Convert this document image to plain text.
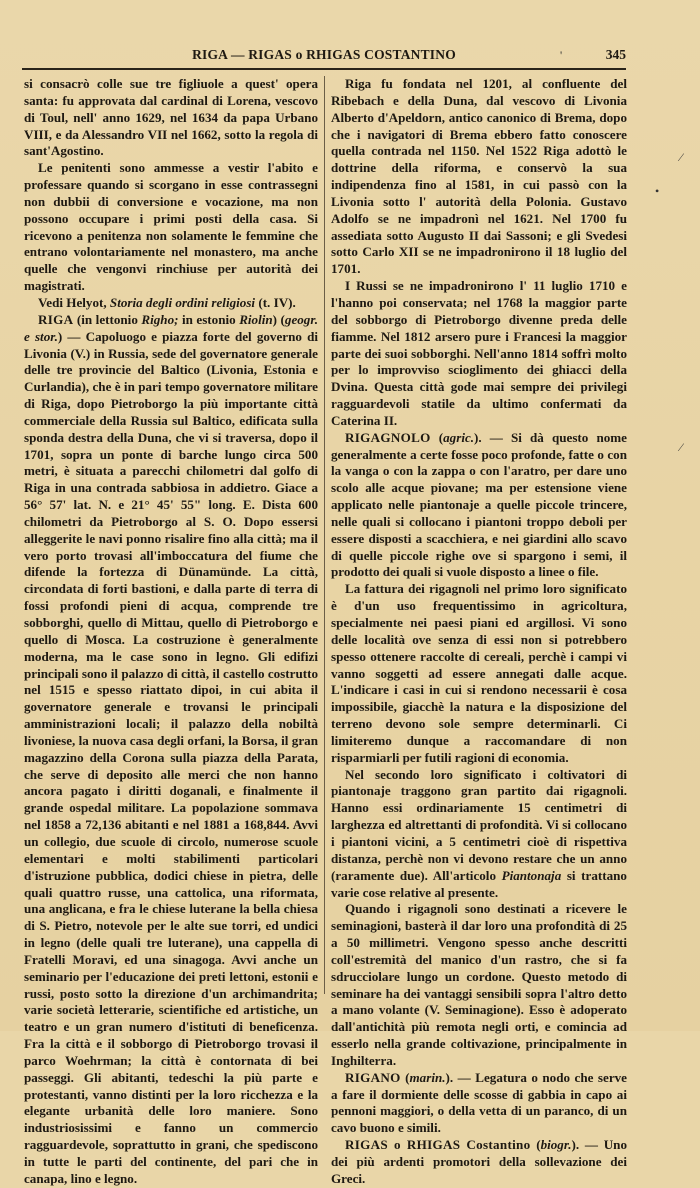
RIGA — RIGAS o RHIGAS COSTANTINO	345

si consacrò colle sue tre figliuole a quest' opera santa: fu approvata dal cardinal di Lorena, vescovo di Toul, nell' anno 1629, nel 1634 da papa Urbano VIII, e da Alessandro VII nel 1662, sotto la regola di sant'Agostino.

Le penitenti sono ammesse a vestir l'abito e professare quando si scorgano in esse contrassegni non dubbii di conversione e vocazione, ma non possono occupare i primi posti della casa. Si ricevono a penitenza non solamente le femmine che entrano volontariamente nel monastero, ma anche quelle che vengonvi rinchiuse per autorità dei magistrati.

Vedi Helyot, Storia degli ordini religiosi (t. IV).

RIGA (in lettonio Righo; in estonio Riolin) (geogr. e stor.) — Capoluogo e piazza forte del governo di Livonia (V.) in Russia, sede del governatore generale delle tre provincie del Baltico (Livonia, Estonia e Curlandia), che è in pari tempo governatore militare di Riga, dopo Pietroborgo la più importante città commerciale della Russia sul Baltico, edificata sulla sponda destra della Duna, che vi si traversa, dopo il 1701, sopra un ponte di barche lungo circa 500 metri, è situata a parecchi chilometri dal golfo di Riga in una contrada sabbiosa in addietro. Giace a 56° 57' lat. N. e 21° 45' 55" long. E. Dista 600 chilometri da Pietroborgo al S. O. Dopo essersi alleggerite le navi ponno risalire fino alla città; ma il vero porto trovasi all'imboccatura del fiume che difende la fortezza di Dünamünde. La città, circondata di forti bastioni, e dalla parte di terra di fossi profondi pieni di acqua, comprende tre sobborghi, quello di Mittau, quello di Pietroborgo e quello di Mosca. La costruzione è generalmente moderna, ma le case sono in legno. Gli edifizi principali sono il palazzo di città, il castello costrutto nel 1515 e spesso riattato dipoi, in cui abita il governatore generale e trovansi le principali amministrazioni locali; il palazzo della nobiltà livoniese, la nuova casa degli orfani, la Borsa, il gran magazzino della Corona sulla piazza della Parata, che serve di deposito alle merci che non hanno ancora pagato i diritti doganali, e finalmente il grande ospedal militare. La popolazione sommava nel 1858 a 72,136 abitanti e nel 1881 a 168,844. Avvi un collegio, due scuole di circolo, numerose scuole elementari e molti stabilimenti particolari d'istruzione pubblica, dodici chiese in pietra, delle quali quattro russe, una cattolica, una riformata, una anglicana, e fra le chiese luterane la bella chiesa di S. Pietro, notevole per le alte sue torri, ed undici in legno (delle quali tre luterane), una cappella di Fratelli Moravi, ed una sinagoga. Avvi anche un seminario per l'educazione dei preti lettoni, estonii e russi, posto sotto la direzione d'un archimandrita; varie società letterarie, scientifiche ed artistiche, un teatro e un gran numero d'istituti di beneficenza. Fra la città e il sobborgo di Pietroborgo trovasi il parco Woehrman; la città è contornata di bei passeggi. Gli abitanti, tedeschi la più parte e protestanti, vanno distinti per la loro ricchezza e la elegante urbanità delle loro maniere. Sono industriosissimi e fanno un commercio ragguardevole, soprattutto in grani, che spediscono in tutte le parti del continente, del pari che in canapa, lino e legno.

Riga fu fondata nel 1201, al confluente del Ribebach e della Duna, dal vescovo di Livonia Alberto d'Apeldorn, antico canonico di Brema, dopo che i navigatori di Brema ebbero fatto conoscere quella contrada nel 1150. Nel 1522 Riga adottò le dottrine della riforma, e conservò la sua indipendenza fino al 1581, in cui passò con la Livonia sotto l' autorità della Polonia. Gustavo Adolfo se ne impadronì nel 1621. Nel 1700 fu assediata sotto Augusto II dai Sassoni; e gli Svedesi sotto Carlo XII se ne impadronirono il 18 luglio del 1701.

I Russi se ne impadronirono l' 11 luglio 1710 e l'hanno poi conservata; nel 1768 la maggior parte del sobborgo di Pietroborgo divenne preda delle fiamme. Nel 1812 arsero pure i Francesi la maggior parte dei suoi sobborghi. Nell'anno 1814 soffrì molto per lo improvviso scioglimento dei ghiacci della Dvina. Questa città gode mai sempre dei privilegi ragguardevoli statile da ultimo confermati da Caterina II.

RIGAGNOLO (agric.). — Si dà questo nome generalmente a certe fosse poco profonde, fatte o con la vanga o con la zappa o con l'aratro, per dare uno scolo alle acque piovane; ma per estensione viene applicato nelle piantonaje a quelle piccole trincere, nelle quali si collocano i piantoni troppo deboli per essere disposti a scacchiera, e nei giardini allo scavo di quelle piccole righe ove si spargono i semi, il prodotto dei quali si vuole disposto a linee o file.

La fattura dei rigagnoli nel primo loro significato è d'un uso frequentissimo in agricoltura, specialmente nei paesi piani ed argillosi. Vi sono delle località ove senza di essi non si potrebbero spesso ottenere raccolte di cereali, perchè i campi vi vanno soggetti ad essere annegati dalle acque. L'indicare i casi in cui si rendono necessarii è cosa impossibile, giacchè la natura e la disposizione del terreno devono sole sempre determinarli. Ci limiteremo dunque a raccomandare di non risparmiarli per futili ragioni di economia.

Nel secondo loro significato i coltivatori di piantonaje traggono gran partito dai rigagnoli. Hanno essi ordinariamente 15 centimetri di larghezza ed altrettanti di profondità. Vi si collocano i piantoni vicini, a 5 centimetri cioè di rispettiva distanza, perchè non vi devono restare che un anno (raramente due). All'articolo Piantonaja si trattano varie cose relative al presente.

Quando i rigagnoli sono destinati a ricevere le seminagioni, basterà il dar loro una profondità di 25 a 50 millimetri. Vengono spesso anche descritti coll'estremità del manico d'un rastro, che si fa sdrucciolare lungo un cordone. Questo metodo di seminare ha dei vantaggi sensibili sopra l'altro detto a mano volante (V. Seminagione). Esso è adoperato dall'antichità più remota negli orti, e comincia ad esserlo nella grande coltivazione, principalmente in Inghilterra.

RIGANO (marin.). — Legatura o nodo che serve a fare il dormiente delle scosse di gabbia in capo ai pennoni maggiori, o della vetta di un paranco, di un cavo buono e simili.

RIGAS o RHIGAS Costantino (biogr.). — Uno dei più ardenti promotori della sollevazione dei Greci.

'
⁄
•
⁄
